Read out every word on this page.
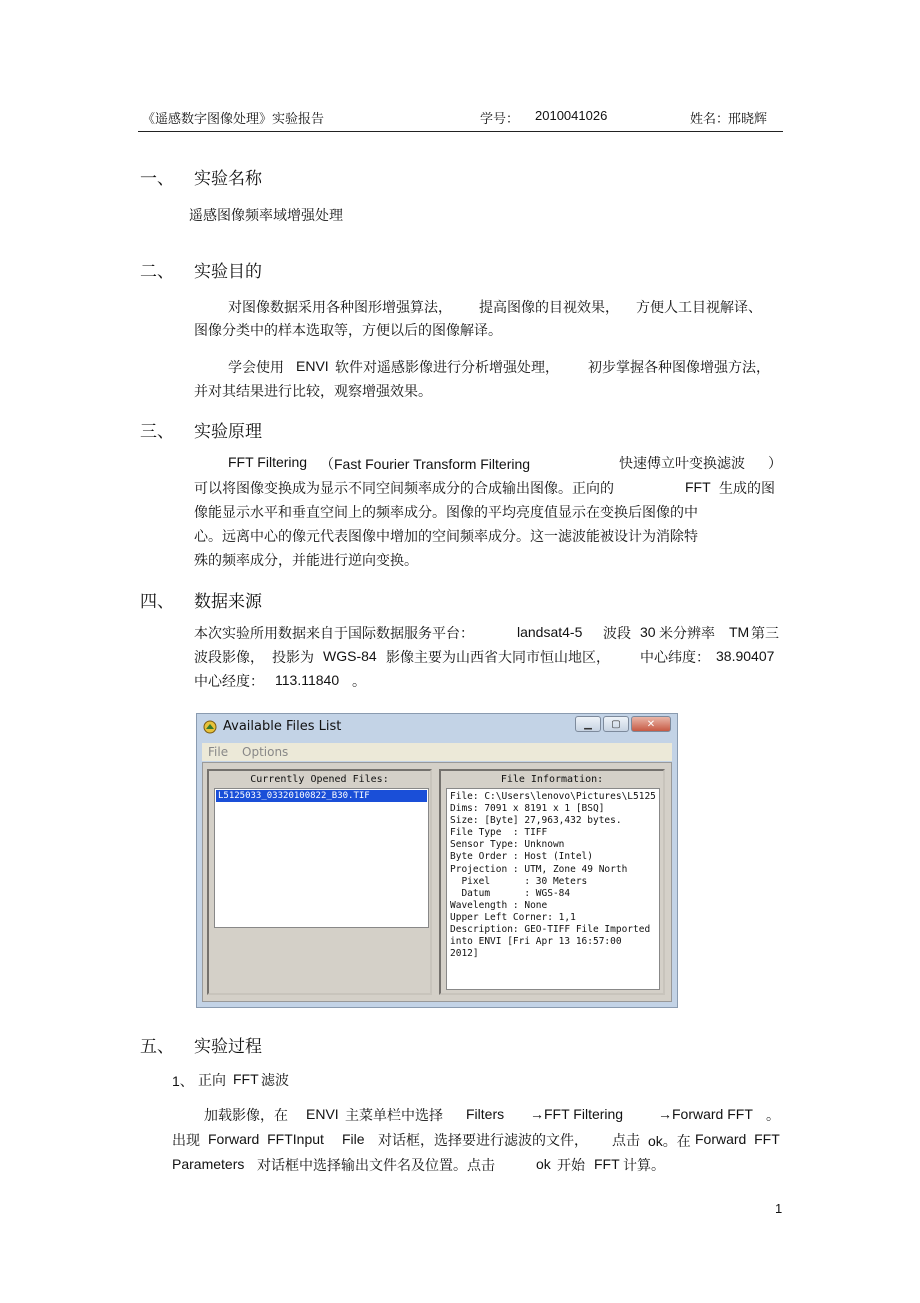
《遥感数字图像处理》实验报告	学号： 2010041026	姓名：
邢晓辉
一、 实验名称
遥感图像频率域增强处理
二、 实验目的
对图像数据采用各种图形增强算法， 提高图像的目视效果， 方便人工目视解译、
图像分类中的样本选取等，方便以后的图像解译。
学会使用 ENVI 软件对遥感影像进行分析增强处理， 初步掌握各种图像增强方法，
并对其结果进行比较，观察增强效果。
三、 实验原理
FFT Filtering （Fast Fourier Transform Filtering	快速傅立叶变换滤波 ）
可以将图像变换成为显示不同空间频率成分的合成输出图像。正向的	FFT 生成的图
像能显示水平和垂直空间上的频率成分。图像的平均亮度值显示在变换后图像的中
心。远离中心的像元代表图像中增加的空间频率成分。这一滤波能被设计为消除特
殊的频率成分，并能进行逆向变换。
四、 数据来源
本次实验所用数据来自于国际数据服务平台：	landsat4-5 波段 30 米分辨率 TM 第三
波段影像， 投影为 WGS-84 影像主要为山西省大同市恒山地区， 中心纬度： 38.90407
中心经度： 113.11840 。
Available Files List	▁	▢	✕
File Options
Currently Opened Files:
L5125033_03320100822_B30.TIF
File Information:
File: C:\Users\lenovo\Pictures\L5125
Dims: 7091 x 8191 x 1 [BSQ]
Size: [Byte] 27,963,432 bytes.
File Type  : TIFF
Sensor Type: Unknown
Byte Order : Host (Intel)
Projection : UTM, Zone 49 North
Pixel      : 30 Meters
Datum      : WGS-84
Wavelength : None
Upper Left Corner: 1,1
Description: GEO-TIFF File Imported
into ENVI [Fri Apr 13 16:57:00
2012]
五、 实验过程
1、 正向 FFT 滤波
加载影像，在 ENVI 主菜单栏中选择 Filters →FFT Filtering →Forward FFT 。
出现 Forward  FFTInput File 对话框，选择要进行滤波的文件， 点击 ok。在 Forward  FFT
Parameters 对话框中选择输出文件名及位置。点击	ok 开始 FFT 计算。
1
